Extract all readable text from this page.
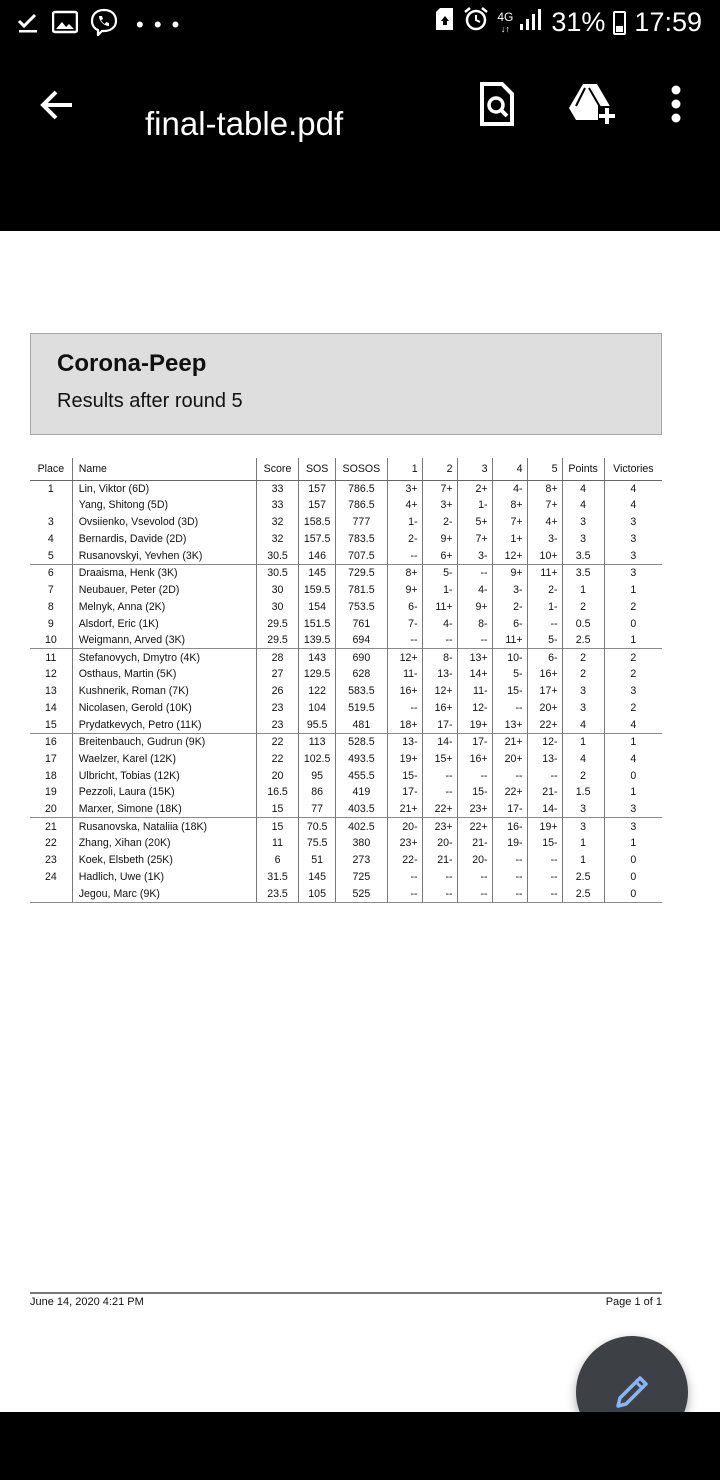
• • •	4G
↓↑ 31% 17:59
final-table.pdf
Corona-Peep
Results after round 5
Place	Name	Score	SOS	SOSOS	1	2	3	4	5	Points	Victories
1	Lin, Viktor (6D)	33	157	786.5	3+	7+	2+	4-	8+	4	4
	Yang, Shitong (5D)	33	157	786.5	4+	3+	1-	8+	7+	4	4
3	Ovsiienko, Vsevolod (3D)	32	158.5	777	1-	2-	5+	7+	4+	3	3
4	Bernardis, Davide (2D)	32	157.5	783.5	2-	9+	7+	1+	3-	3	3
5	Rusanovskyi, Yevhen (3K)	30.5	146	707.5	--	6+	3-	12+	10+	3.5	3
6	Draaisma, Henk (3K)	30.5	145	729.5	8+	5-	--	9+	11+	3.5	3
7	Neubauer, Peter (2D)	30	159.5	781.5	9+	1-	4-	3-	2-	1	1
8	Melnyk, Anna (2K)	30	154	753.5	6-	11+	9+	2-	1-	2	2
9	Alsdorf, Eric (1K)	29.5	151.5	761	7-	4-	8-	6-	--	0.5	0
10	Weigmann, Arved (3K)	29.5	139.5	694	--	--	--	11+	5-	2.5	1
11	Stefanovych, Dmytro (4K)	28	143	690	12+	8-	13+	10-	6-	2	2
12	Osthaus, Martin (5K)	27	129.5	628	11-	13-	14+	5-	16+	2	2
13	Kushnerik, Roman (7K)	26	122	583.5	16+	12+	11-	15-	17+	3	3
14	Nicolasen, Gerold (10K)	23	104	519.5	--	16+	12-	--	20+	3	2
15	Prydatkevych, Petro (11K)	23	95.5	481	18+	17-	19+	13+	22+	4	4
16	Breitenbauch, Gudrun (9K)	22	113	528.5	13-	14-	17-	21+	12-	1	1
17	Waelzer, Karel (12K)	22	102.5	493.5	19+	15+	16+	20+	13-	4	4
18	Ulbricht, Tobias (12K)	20	95	455.5	15-	--	--	--	--	2	0
19	Pezzoli, Laura (15K)	16.5	86	419	17-	--	15-	22+	21-	1.5	1
20	Marxer, Simone (18K)	15	77	403.5	21+	22+	23+	17-	14-	3	3
21	Rusanovska, Nataliia (18K)	15	70.5	402.5	20-	23+	22+	16-	19+	3	3
22	Zhang, Xihan (20K)	11	75.5	380	23+	20-	21-	19-	15-	1	1
23	Koek, Elsbeth (25K)	6	51	273	22-	21-	20-	--	--	1	0
24	Hadlich, Uwe (1K)	31.5	145	725	--	--	--	--	--	2.5	0
	Jegou, Marc (9K)	23.5	105	525	--	--	--	--	--	2.5	0
June 14, 2020 4:21 PM	Page 1 of 1
